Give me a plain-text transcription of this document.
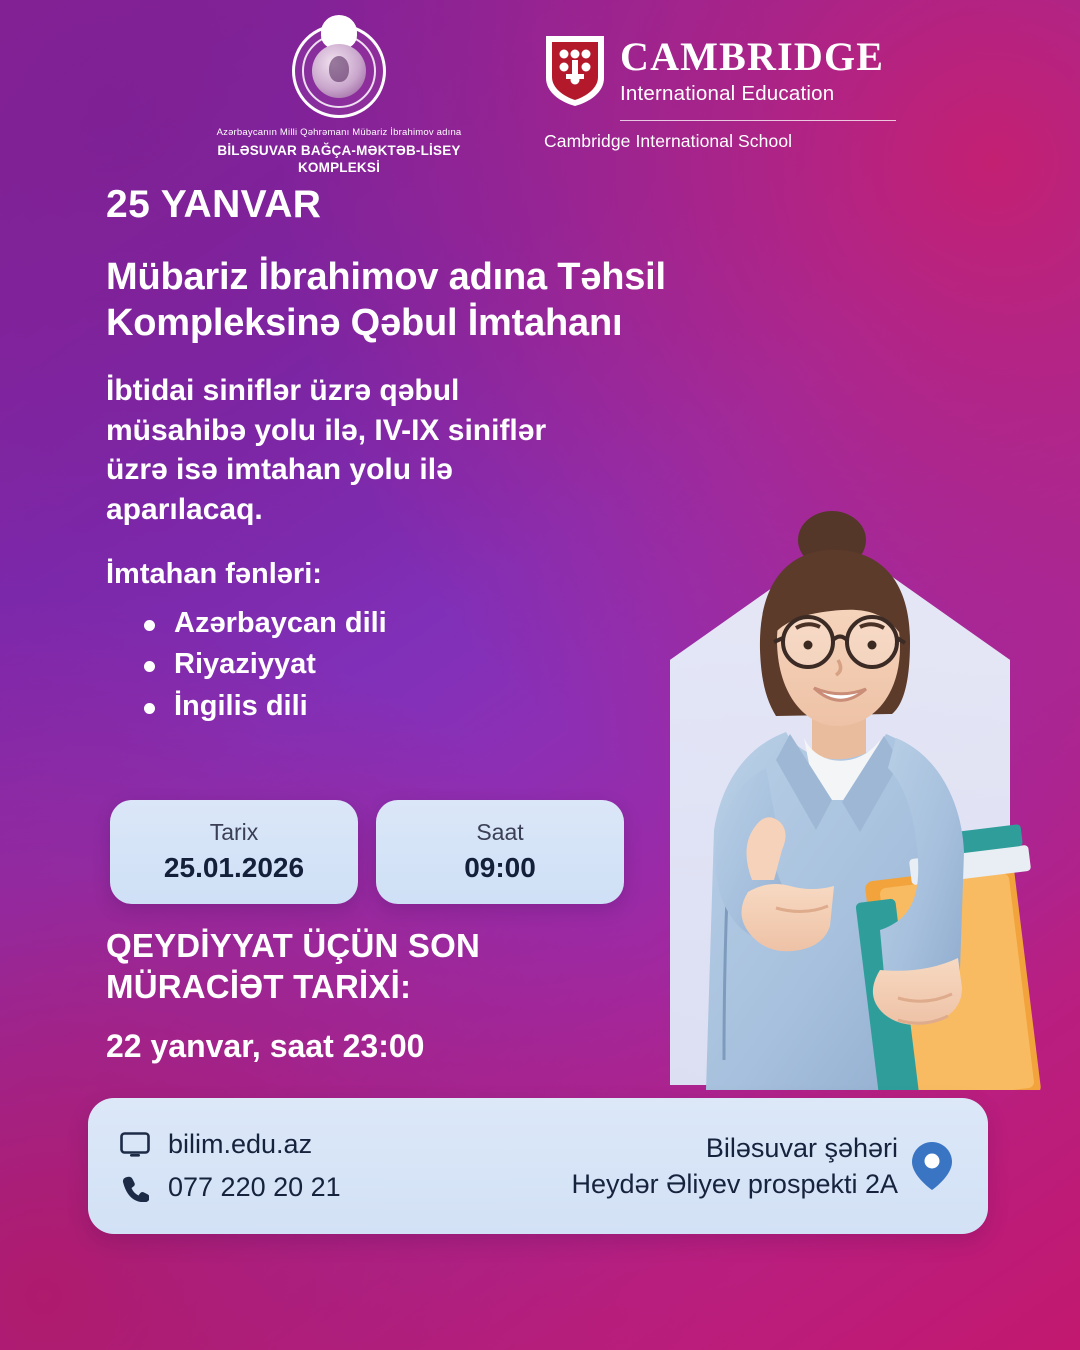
Azərbaycanın Milli Qəhrəmanı Mübariz İbrahimov adına
BİLƏSUVAR BAĞÇA-MƏKTƏB-LİSEY KOMPLEKSİ
CAMBRIDGE
International Education
Cambridge International School
25 YANVAR
Mübariz İbrahimov adına Təhsil Kompleksinə Qəbul İmtahanı
İbtidai siniflər üzrə qəbul müsahibə yolu ilə, IV-IX siniflər üzrə isə imtahan yolu ilə aparılacaq.
İmtahan fənləri:
Azərbaycan dili
Riyaziyyat
İngilis dili
Tarix
25.01.2026
Saat
09:00
QEYDİYYAT ÜÇÜN SON MÜRACİƏT TARİXİ:
22 yanvar, saat 23:00
bilim.edu.az
077 220 20 21
Biləsuvar şəhəri
Heydər Əliyev prospekti 2A
